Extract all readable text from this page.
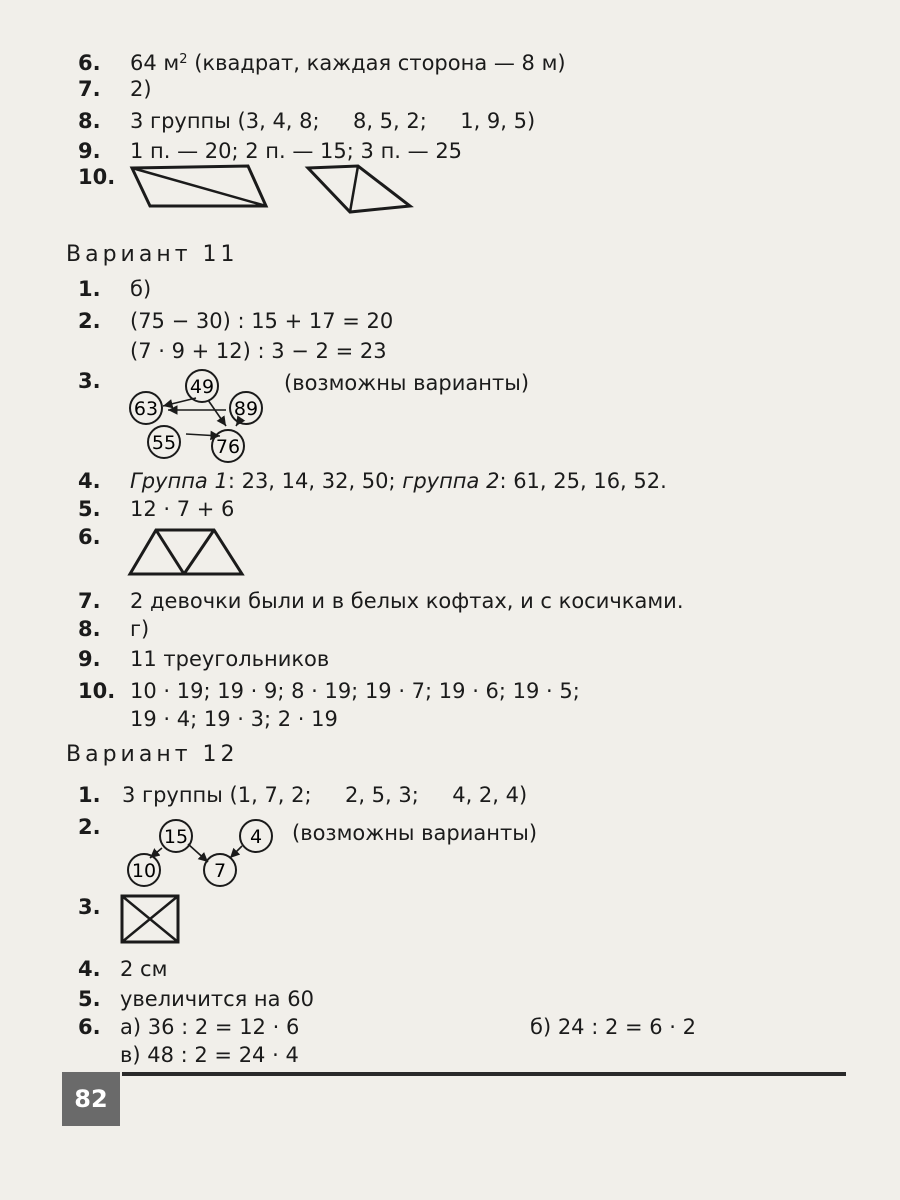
6. 64 $м^2$ (квадрат, каждая сторона — 8 м)
7. 2)
8. 3 группы (3, 4, 8;     8, 5, 2;     1, 9, 5)
9. 1 п. — 20; 2 п. — 15; 3 п. — 25
10.
Вариант 11
1. б)
2. (75 − 30) : 15 + 17 = 20
(7 · 9 + 12) : 3 − 2 = 23
3.	(возможны варианты)
49
63	89
55 76
4. Группа 1: 23, 14, 32, 50; группа 2: 61, 25, 16, 52.
5. 12 · 7 + 6
6.
7. 2 девочки были и в белых кофтах, и с косичками.
8. г)
9. 11 треугольников
10. 10 · 19; 19 · 9; 8 · 19; 19 · 7; 19 · 6; 19 · 5;
19 · 4; 19 · 3; 2 · 19
Вариант 12
1. 3 группы (1, 7, 2;     2, 5, 3;     4, 2, 4)
2.	(возможны варианты)
15	4
10	7
3.
4. 2 см
5. увеличится на 60
6. а) 36 : 2 = 12 · 6	б) 24 : 2 = 6 · 2
в) 48 : 2 = 24 · 4
82
